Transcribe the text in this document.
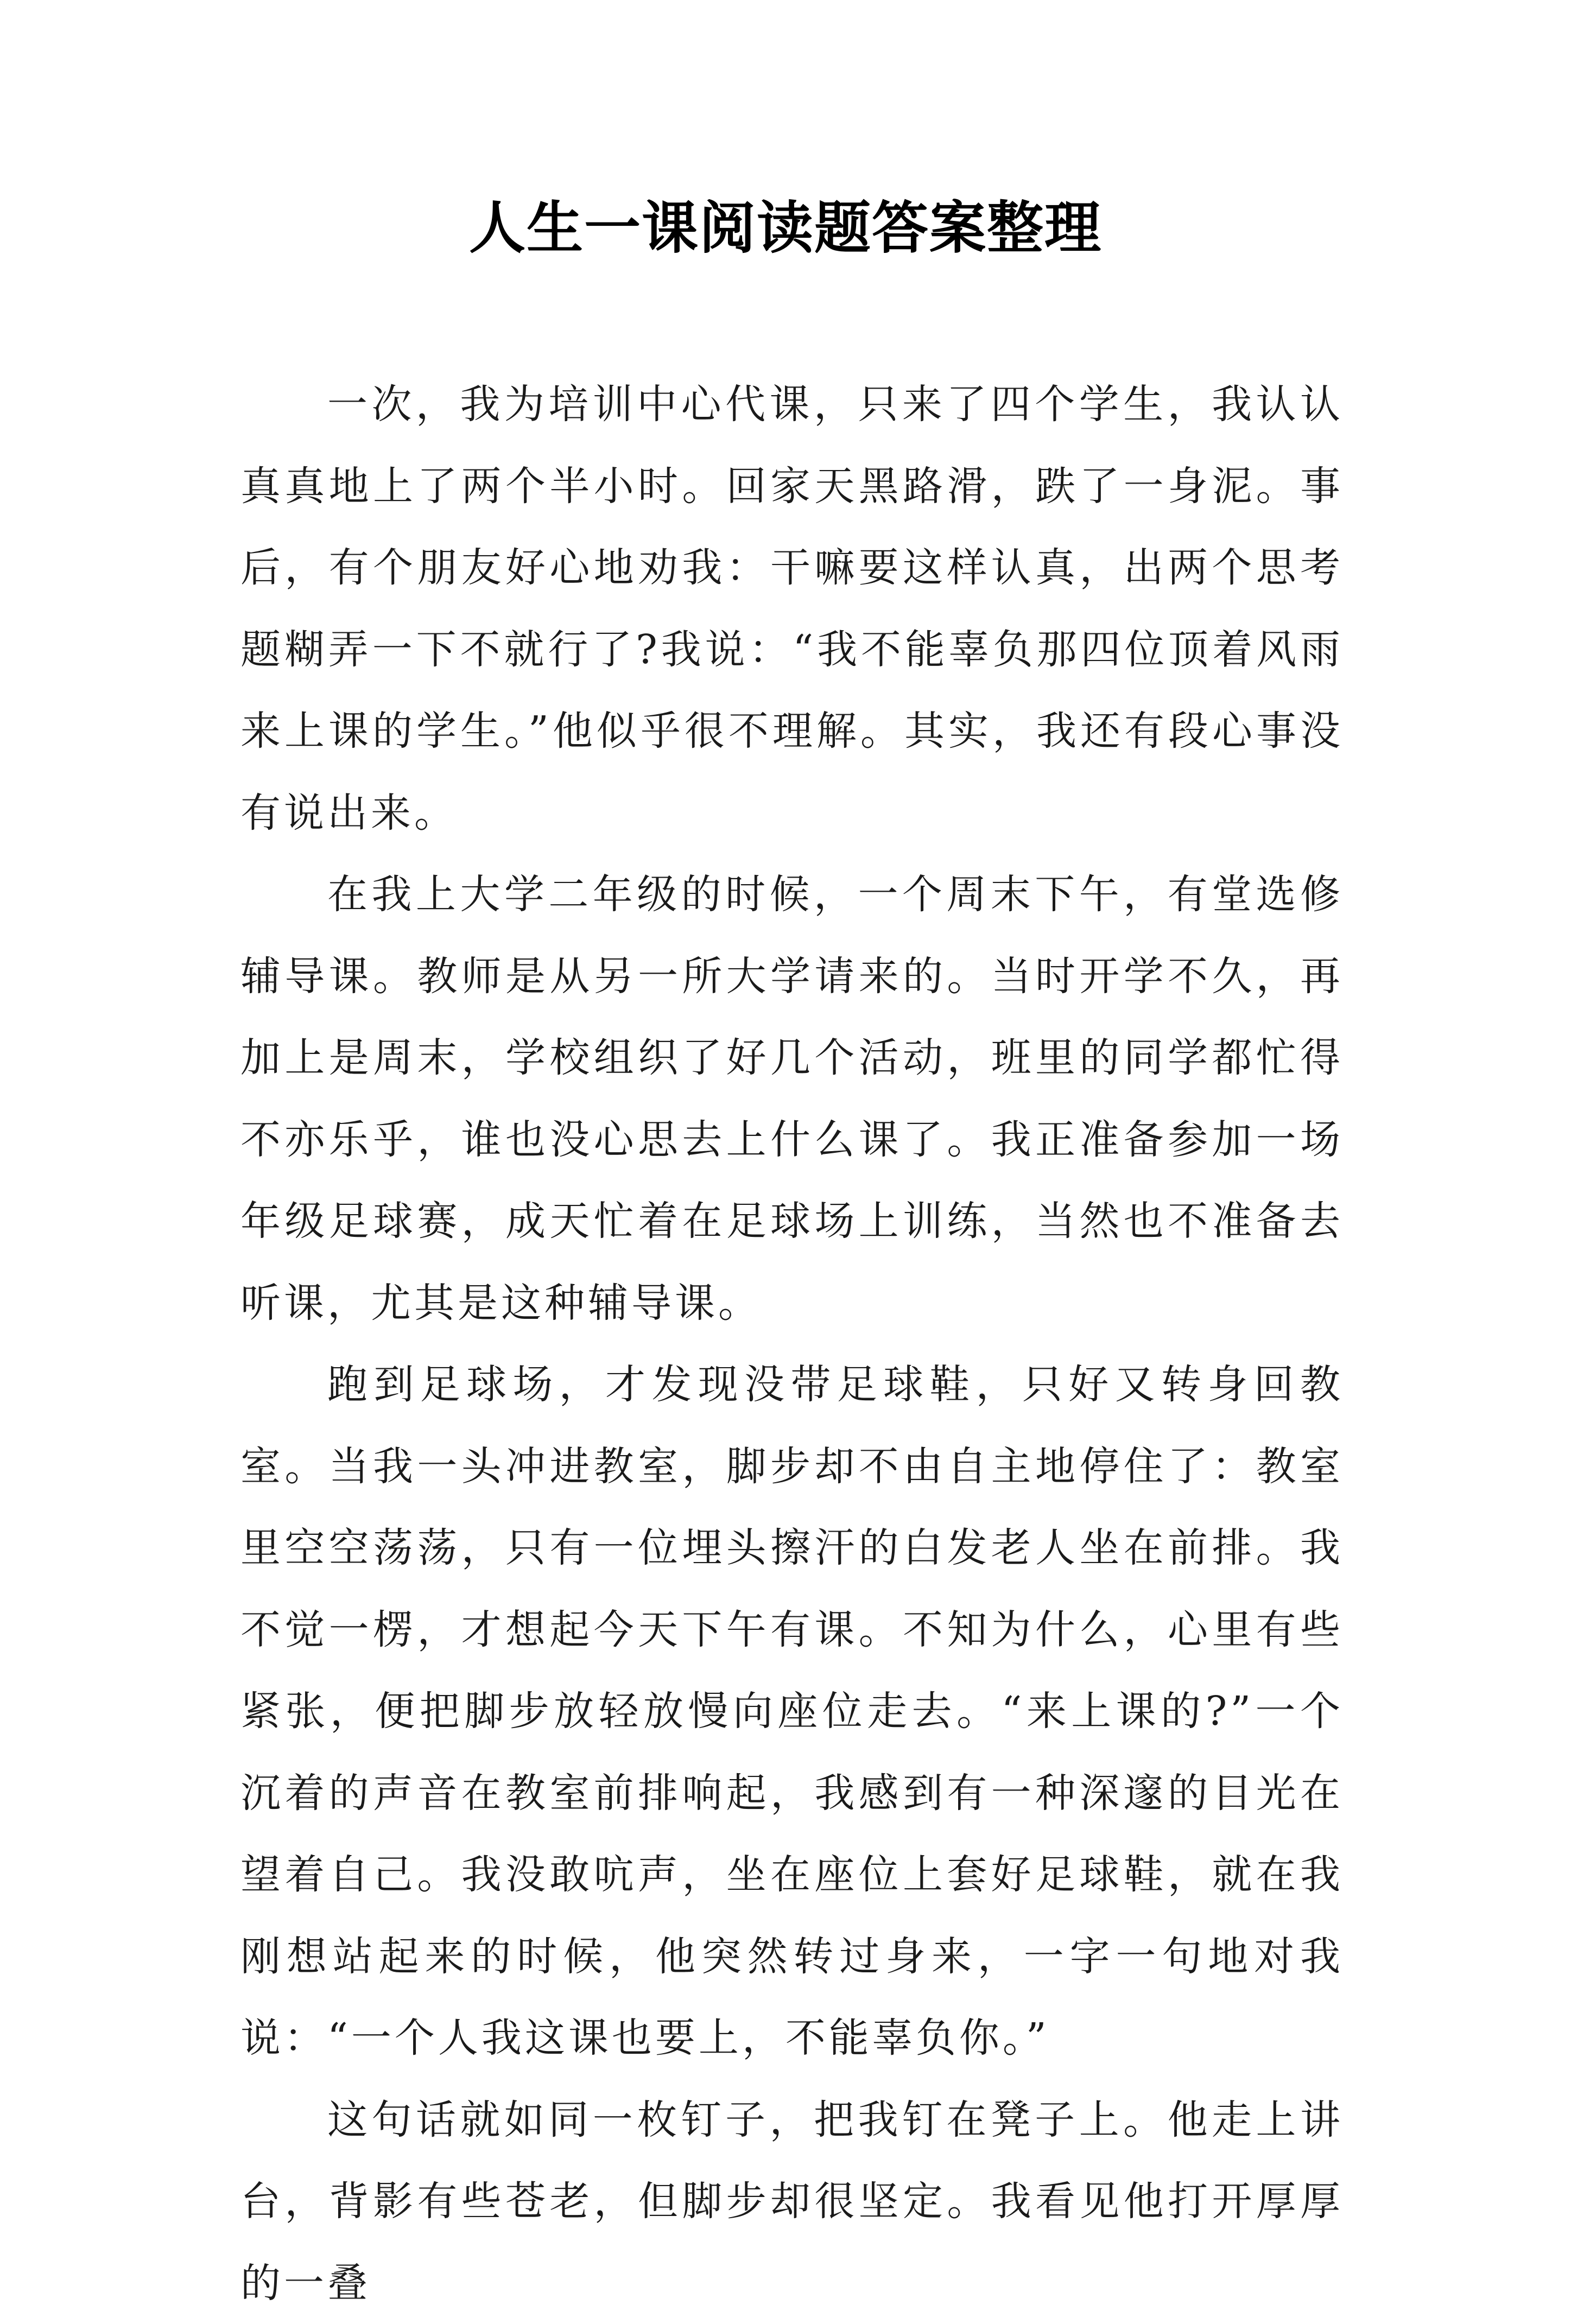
人生一课阅读题答案整理

一次，我为培训中心代课，只来了四个学生，我认认真真地上了两个半小时。回家天黑路滑，跌了一身泥。事后，有个朋友好心地劝我：干嘛要这样认真，出两个思考题糊弄一下不就行了?我说：“我不能辜负那四位顶着风雨来上课的学生。”他似乎很不理解。其实，我还有段心事没有说出来。

在我上大学二年级的时候，一个周末下午，有堂选修辅导课。教师是从另一所大学请来的。当时开学不久，再加上是周末，学校组织了好几个活动，班里的同学都忙得不亦乐乎，谁也没心思去上什么课了。我正准备参加一场年级足球赛，成天忙着在足球场上训练，当然也不准备去听课，尤其是这种辅导课。

跑到足球场，才发现没带足球鞋，只好又转身回教室。当我一头冲进教室，脚步却不由自主地停住了：教室里空空荡荡，只有一位埋头擦汗的白发老人坐在前排。我不觉一楞，才想起今天下午有课。不知为什么，心里有些紧张，便把脚步放轻放慢向座位走去。“来上课的?”一个沉着的声音在教室前排响起，我感到有一种深邃的目光在望着自己。我没敢吭声，坐在座位上套好足球鞋，就在我刚想站起来的时候，他突然转过身来，一字一句地对我说：“一个人我这课也要上，不能辜负你。”

这句话就如同一枚钉子，把我钉在凳子上。他走上讲台，背影有些苍老，但脚步却很坚定。我看见他打开厚厚的一叠
